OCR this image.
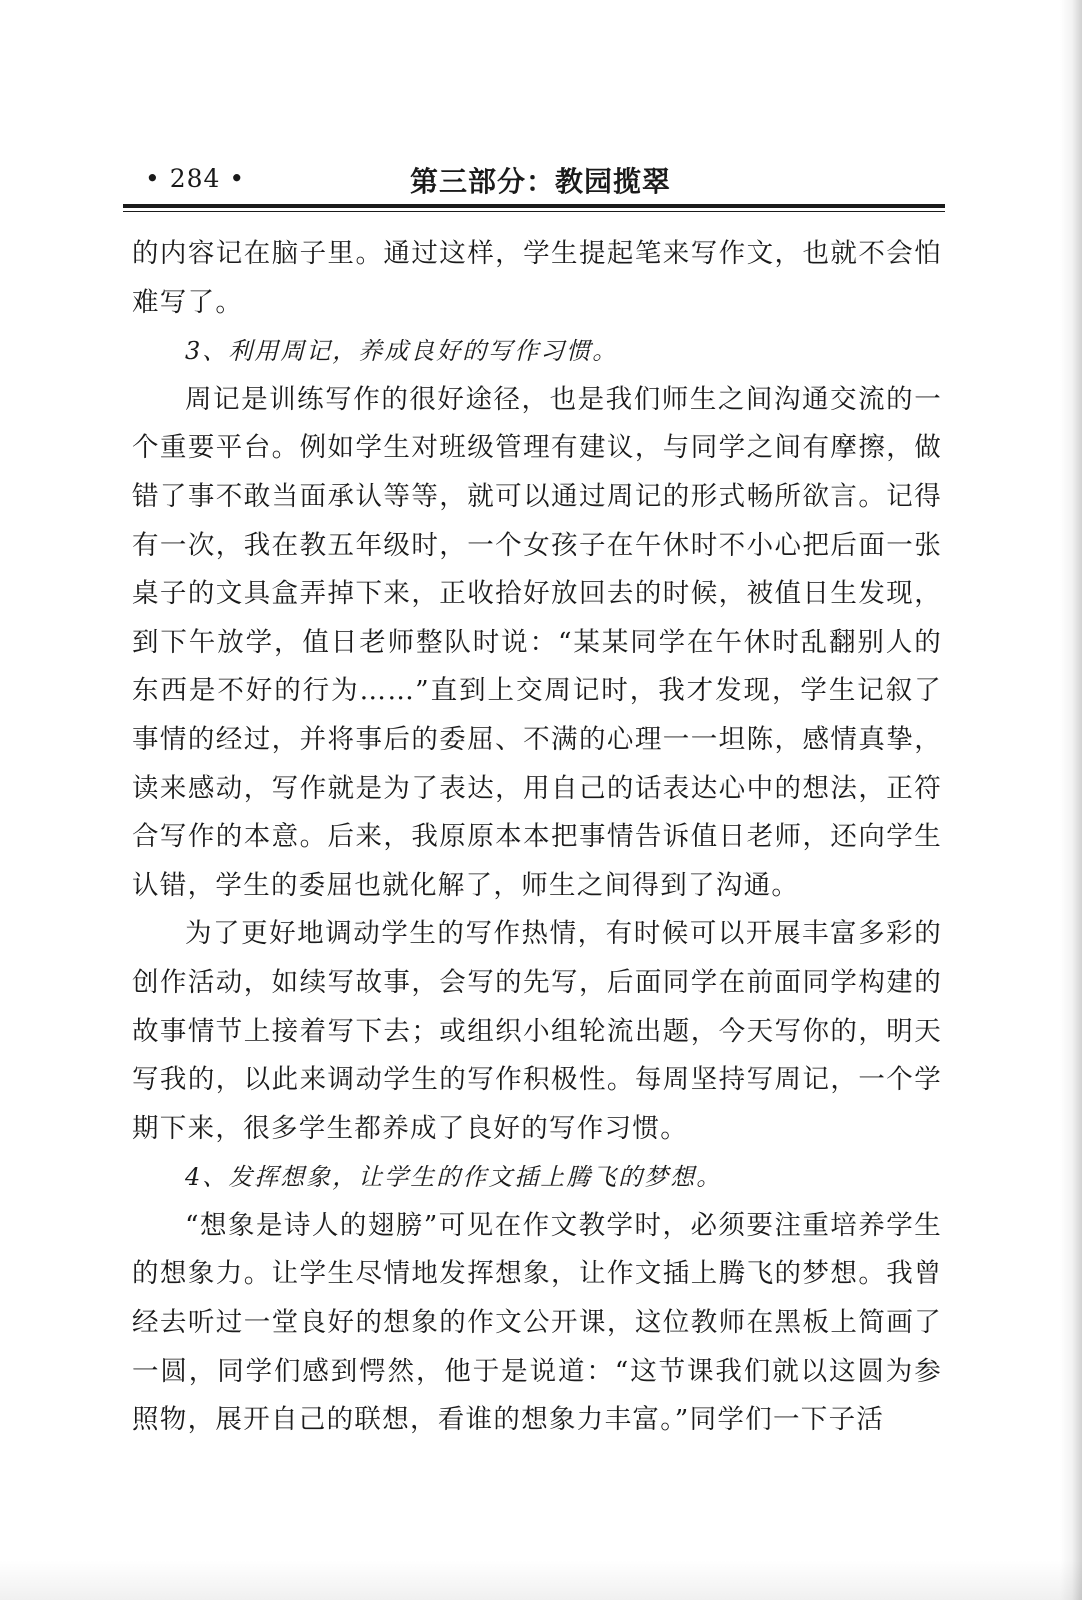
• 284 •	第三部分：教园揽翠

的内容记在脑子里。通过这样，学生提起笔来写作文，也就不会怕难写了。

3、利用周记，养成良好的写作习惯。

周记是训练写作的很好途径，也是我们师生之间沟通交流的一个重要平台。例如学生对班级管理有建议，与同学之间有摩擦，做错了事不敢当面承认等等，就可以通过周记的形式畅所欲言。记得有一次，我在教五年级时，一个女孩子在午休时不小心把后面一张桌子的文具盒弄掉下来，正收拾好放回去的时候，被值日生发现，到下午放学，值日老师整队时说：“某某同学在午休时乱翻别人的东西是不好的行为……”直到上交周记时，我才发现，学生记叙了事情的经过，并将事后的委屈、不满的心理一一坦陈，感情真挚，读来感动，写作就是为了表达，用自己的话表达心中的想法，正符合写作的本意。后来，我原原本本把事情告诉值日老师，还向学生认错，学生的委屈也就化解了，师生之间得到了沟通。

为了更好地调动学生的写作热情，有时候可以开展丰富多彩的创作活动，如续写故事，会写的先写，后面同学在前面同学构建的故事情节上接着写下去；或组织小组轮流出题，今天写你的，明天写我的，以此来调动学生的写作积极性。每周坚持写周记，一个学期下来，很多学生都养成了良好的写作习惯。

4、发挥想象，让学生的作文插上腾飞的梦想。

“想象是诗人的翅膀”可见在作文教学时，必须要注重培养学生的想象力。让学生尽情地发挥想象，让作文插上腾飞的梦想。我曾经去听过一堂良好的想象的作文公开课，这位教师在黑板上简画了一圆，同学们感到愕然，他于是说道：“这节课我们就以这圆为参照物，展开自己的联想，看谁的想象力丰富。”同学们一下子活
